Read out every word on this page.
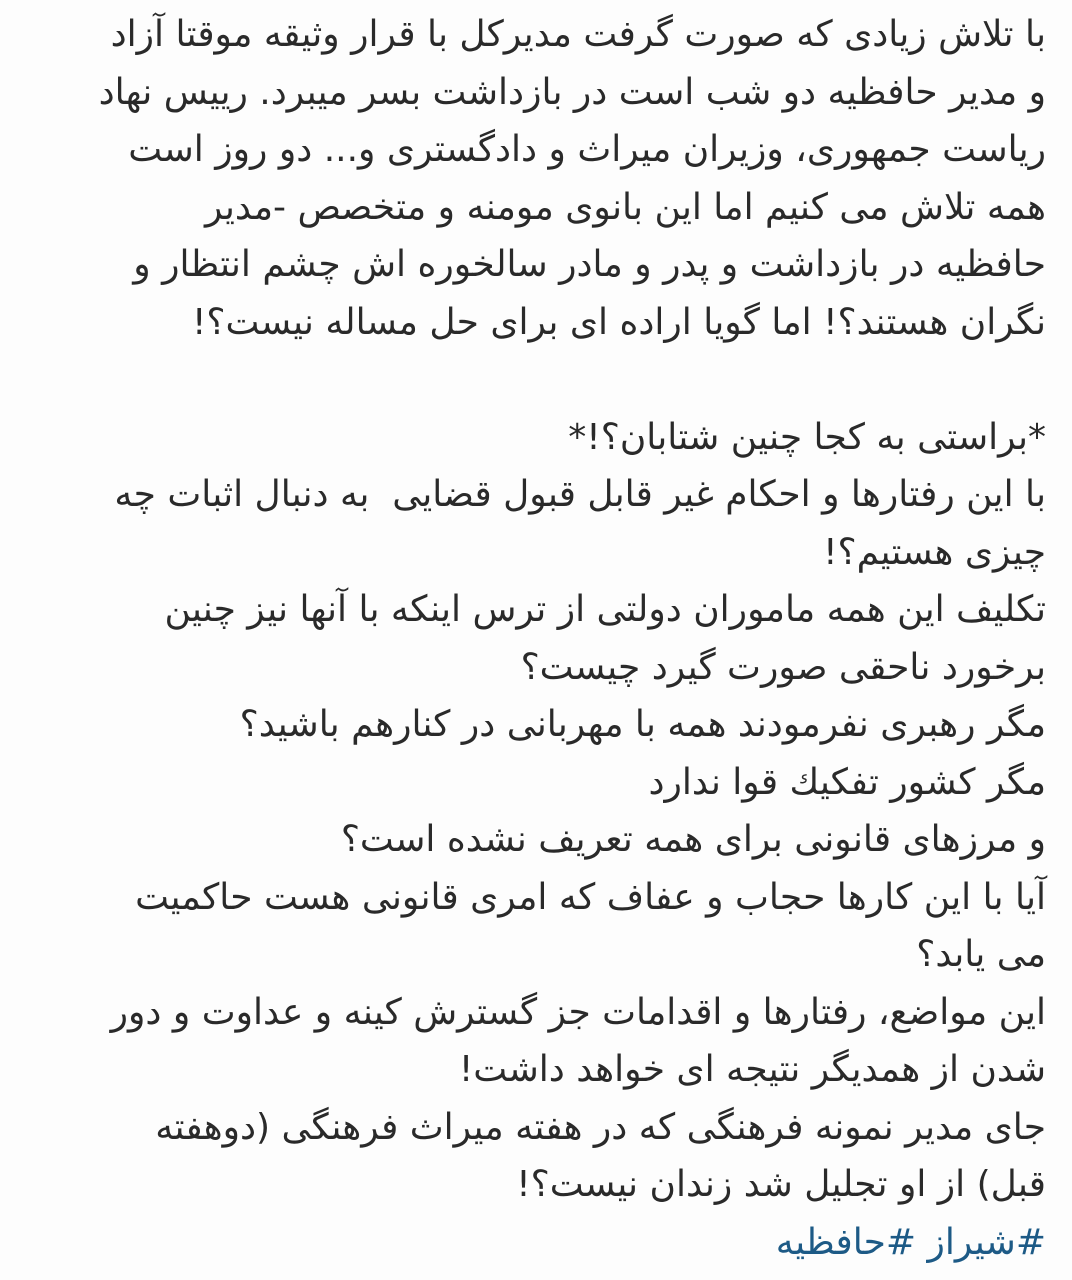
با تلاش زیادی که صورت گرفت مدیرکل با قرار وثیقه موقتا آزاد
و مدیر حافظیه دو شب است در بازداشت بسر میبرد. رییس نهاد
ریاست جمهوری، وزیران میراث و دادگستری و... دو روز است
همه تلاش می کنیم اما این بانوی مومنه و متخصص -مدیر
حافظیه در بازداشت و پدر و مادر سالخوره اش چشم انتظار و
نگران هستند؟! اما گویا اراده ای برای حل مساله نیست؟!

*براستی به کجا چنین شتابان؟!*
با این رفتارها و احکام غیر قابل قبول قضایی  به دنبال اثبات چه
چیزی هستیم؟!
تکلیف این همه ماموران دولتی از ترس اینکه با آنها نیز چنین
برخورد ناحقی صورت گیرد چیست؟
مگر رهبری نفرمودند همه با مهربانی در کنارهم باشید؟
مگر کشور تفکیك قوا ندارد
و مرزهای قانونی برای همه تعریف نشده است؟
آیا با این کارها حجاب و عفاف که امری قانونی هست حاکمیت
می یابد؟
این مواضع، رفتارها و اقدامات جز گسترش کینه و عداوت و دور
شدن از همدیگر نتیجه ای خواهد داشت!
جای مدیر نمونه فرهنگی که در هفته میراث فرهنگی (دوهفته
قبل) از او تجلیل شد زندان نیست؟!
#شیراز #حافظیه
